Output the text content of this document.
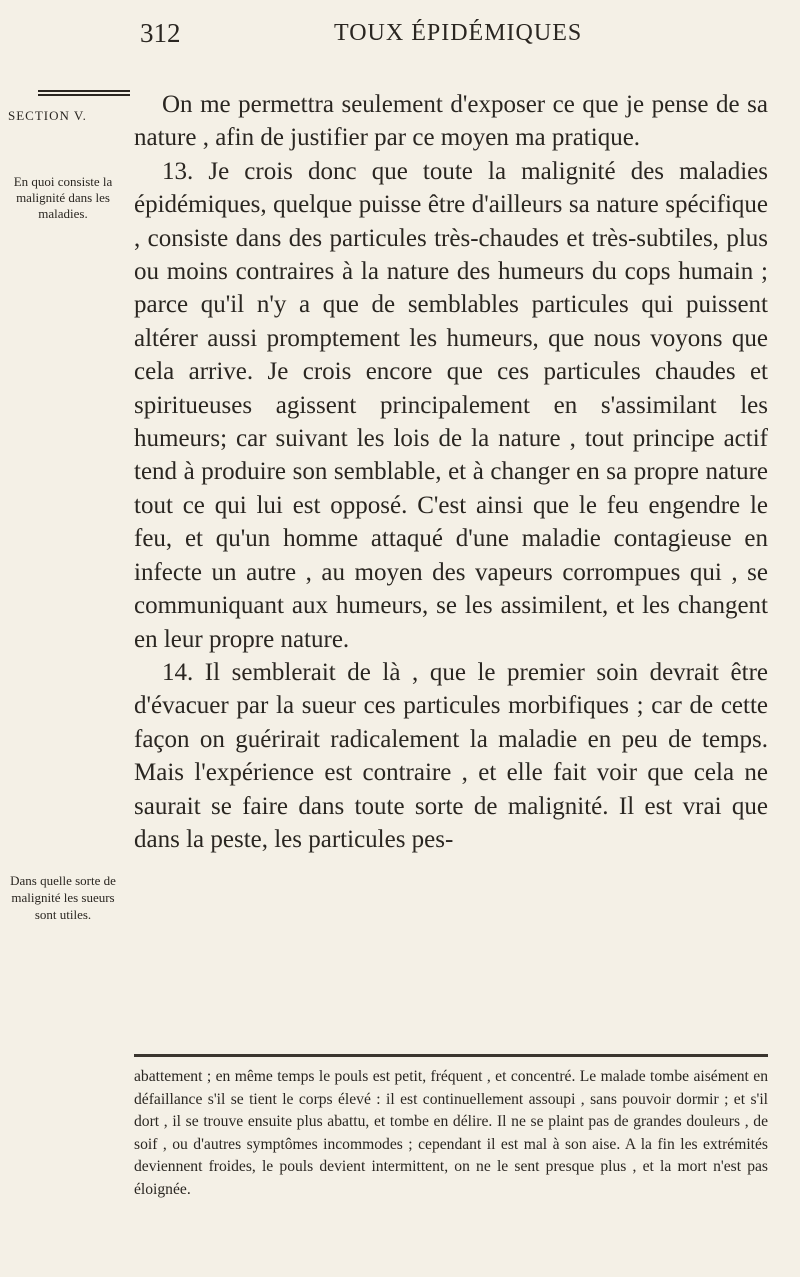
312	TOUX ÉPIDÉMIQUES
SECTION V.
En quoi consiste la malignité dans les maladies.
Dans quelle sorte de malignité les sueurs sont utiles.

On me permettra seulement d'exposer ce que je pense de sa nature , afin de justifier par ce moyen ma pratique.

13. Je crois donc que toute la malignité des maladies épidémiques, quelque puisse être d'ailleurs sa nature spécifique , consiste dans des particules très-chaudes et très-subtiles, plus ou moins contraires à la nature des humeurs du cops humain ; parce qu'il n'y a que de semblables particules qui puissent altérer aussi promptement les humeurs, que nous voyons que cela arrive. Je crois encore que ces particules chaudes et spiritueuses agissent principalement en s'assimilant les humeurs; car suivant les lois de la nature , tout principe actif tend à produire son semblable, et à changer en sa propre nature tout ce qui lui est opposé. C'est ainsi que le feu engendre le feu, et qu'un homme attaqué d'une maladie contagieuse en infecte un autre , au moyen des vapeurs corrompues qui , se communiquant aux humeurs, se les assimilent, et les changent en leur propre nature.

14. Il semblerait de là , que le premier soin devrait être d'évacuer par la sueur ces particules morbifiques ; car de cette façon on guérirait radicalement la maladie en peu de temps. Mais l'expérience est contraire , et elle fait voir que cela ne saurait se faire dans toute sorte de malignité. Il est vrai que dans la peste, les particules pes-

abattement ; en même temps le pouls est petit, fréquent , et concentré. Le malade tombe aisément en défaillance s'il se tient le corps élevé : il est continuellement assoupi , sans pouvoir dormir ; et s'il dort , il se trouve ensuite plus abattu, et tombe en délire. Il ne se plaint pas de grandes douleurs , de soif , ou d'autres symptômes incommodes ; cependant il est mal à son aise. A la fin les extrémités deviennent froides, le pouls devient intermittent, on ne le sent presque plus , et la mort n'est pas éloignée.
